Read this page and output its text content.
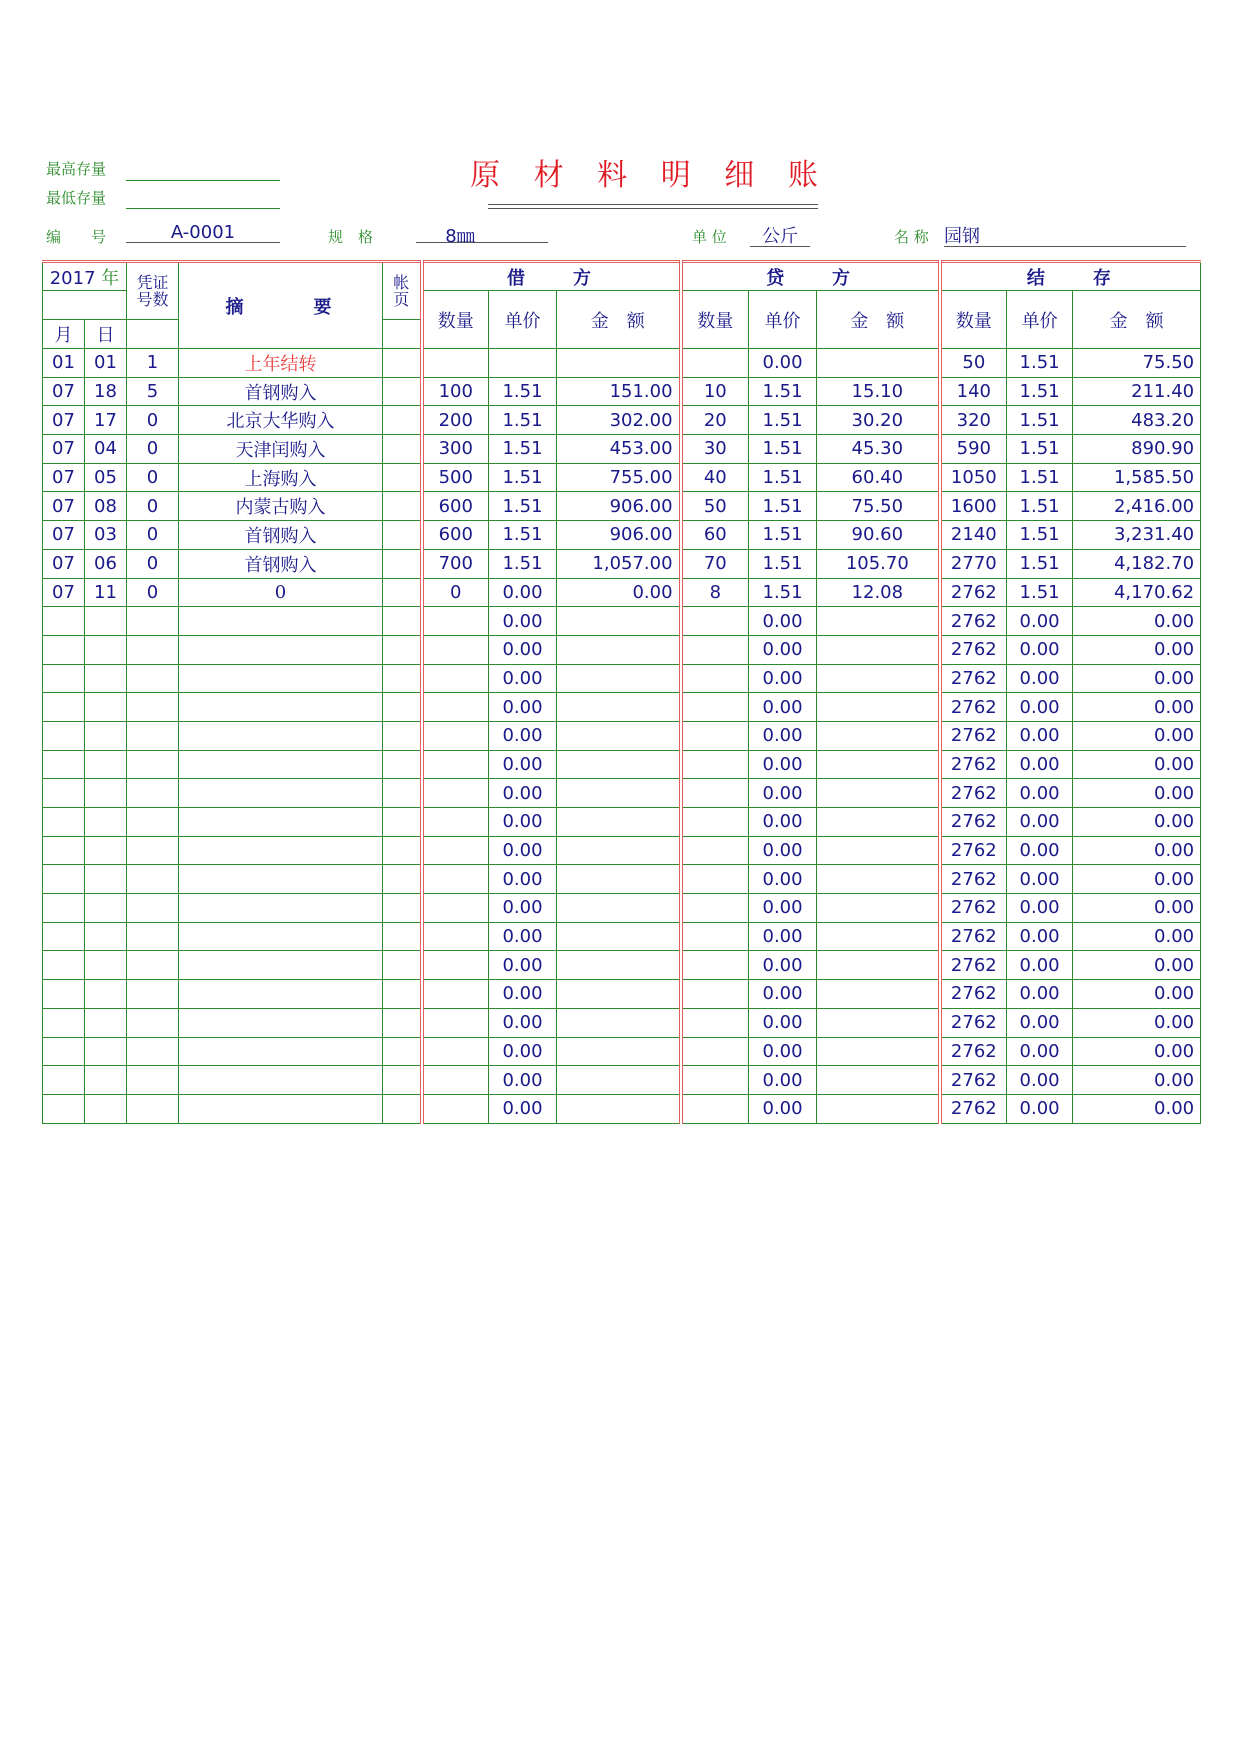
最高存量
最低存量
原 材 料 明 细 账
编　　号	A-0001	规　格	8㎜	单 位	公斤	名 称 园钢
2017 年		凭证号数	摘　　　要	帐页	借　　方			贷　　方			结　　存		
					数量	单价	金　额	数量	单价	金　额	数量	单价	金　额
月	日												
01	01	1	上年结转						0.00		50	1.51	75.50
07	18	5	首钢购入		100	1.51	151.00	10	1.51	15.10	140	1.51	211.40
07	17	0	北京大华购入		200	1.51	302.00	20	1.51	30.20	320	1.51	483.20
07	04	0	天津闰购入		300	1.51	453.00	30	1.51	45.30	590	1.51	890.90
07	05	0	上海购入		500	1.51	755.00	40	1.51	60.40	1050	1.51	1,585.50
07	08	0	内蒙古购入		600	1.51	906.00	50	1.51	75.50	1600	1.51	2,416.00
07	03	0	首钢购入		600	1.51	906.00	60	1.51	90.60	2140	1.51	3,231.40
07	06	0	首钢购入		700	1.51	1,057.00	70	1.51	105.70	2770	1.51	4,182.70
07	11	0	0		0	0.00	0.00	8	1.51	12.08	2762	1.51	4,170.62
						0.00			0.00		2762	0.00	0.00
						0.00			0.00		2762	0.00	0.00
						0.00			0.00		2762	0.00	0.00
						0.00			0.00		2762	0.00	0.00
						0.00			0.00		2762	0.00	0.00
						0.00			0.00		2762	0.00	0.00
						0.00			0.00		2762	0.00	0.00
						0.00			0.00		2762	0.00	0.00
						0.00			0.00		2762	0.00	0.00
						0.00			0.00		2762	0.00	0.00
						0.00			0.00		2762	0.00	0.00
						0.00			0.00		2762	0.00	0.00
						0.00			0.00		2762	0.00	0.00
						0.00			0.00		2762	0.00	0.00
						0.00			0.00		2762	0.00	0.00
						0.00			0.00		2762	0.00	0.00
						0.00			0.00		2762	0.00	0.00
						0.00			0.00		2762	0.00	0.00
